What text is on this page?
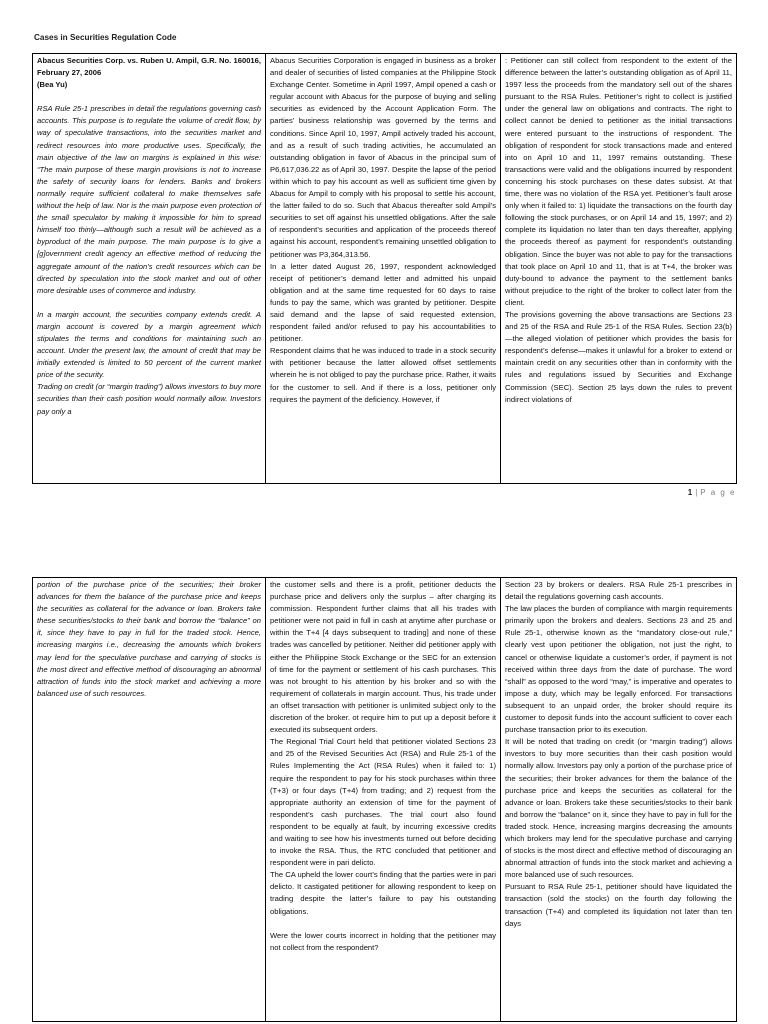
Cases in Securities Regulation Code

Abacus Securities Corp. vs. Ruben U. Ampil, G.R. No. 160016, February 27, 2006

(Bea Yu)

RSA Rule 25-1 prescribes in detail the regulations governing cash accounts. This purpose is to regulate the volume of credit flow, by way of speculative transactions, into the securities market and redirect resources into more productive uses. Specifically, the main objective of the law on margins is explained in this wise: “The main purpose of these margin provisions is not to increase the safety of security loans for lenders. Banks and brokers normally require sufficient collateral to make themselves safe without the help of law. Nor is the main purpose even protection of the small speculator by making it impossible for him to spread himself too thinly—although such a result will be achieved as a byproduct of the main purpose. The main purpose is to give a [g]overnment credit agency an effective method of reducing the aggregate amount of the nation’s credit resources which can be directed by speculation into the stock market and out of other more desirable uses of commerce and industry.

In a margin account, the securities company extends credit. A margin account is covered by a margin agreement which stipulates the terms and conditions for maintaining such an account. Under the present law, the amount of credit that may be initially extended is limited to 50 percent of the current market price of the security.

Trading on credit (or “margin trading”) allows investors to buy more securities than their cash position would normally allow. Investors pay only a

Abacus Securities Corporation is engaged in business as a broker and dealer of securities of listed companies at the Philippine Stock Exchange Center. Sometime in April 1997, Ampil opened a cash or regular account with Abacus for the purpose of buying and selling securities as evidenced by the Account Application Form. The parties’ business relationship was governed by the terms and conditions. Since April 10, 1997, Ampil actively traded his account, and as a result of such trading activities, he accumulated an outstanding obligation in favor of Abacus in the principal sum of P6,617,036.22 as of April 30, 1997. Despite the lapse of the period within which to pay his account as well as sufficient time given by Abacus for Ampil to comply with his proposal to settle his account, the latter failed to do so. Such that Abacus thereafter sold Ampil’s securities to set off against his unsettled obligations. After the sale of respondent’s securities and application of the proceeds thereof against his account, respondent’s remaining unsettled obligation to petitioner was P3,364,313.56.

In a letter dated August 26, 1997, respondent acknowledged receipt of petitioner’s demand letter and admitted his unpaid obligation and at the same time requested for 60 days to raise funds to pay the same, which was granted by petitioner. Despite said demand and the lapse of said requested extension, respondent failed and/or refused to pay his accountabilities to petitioner.

Respondent claims that he was induced to trade in a stock security with petitioner because the latter allowed offset settlements wherein he is not obliged to pay the purchase price. Rather, it waits for the customer to sell. And if there is a loss, petitioner only requires the payment of the deficiency. However, if

: Petitioner can still collect from respondent to the extent of the difference between the latter’s outstanding obligation as of April 11, 1997 less the proceeds from the mandatory sell out of the shares pursuant to the RSA Rules. Petitioner’s right to collect is justified under the general law on obligations and contracts. The right to collect cannot be denied to petitioner as the initial transactions were entered pursuant to the instructions of respondent. The obligation of respondent for stock transactions made and entered into on April 10 and 11, 1997 remains outstanding. These transactions were valid and the obligations incurred by respondent concerning his stock purchases on these dates subsist. At that time, there was no violation of the RSA yet. Petitioner’s fault arose only when it failed to: 1) liquidate the transactions on the fourth day following the stock purchases, or on April 14 and 15, 1997; and 2) complete its liquidation no later than ten days thereafter, applying the proceeds thereof as payment for respondent’s outstanding obligation. Since the buyer was not able to pay for the transactions that took place on April 10 and 11, that is at T+4, the broker was duty-bound to advance the payment to the settlement banks without prejudice to the right of the broker to collect later from the client.

The provisions governing the above transactions are Sections 23 and 25 of the RSA and Rule 25-1 of the RSA Rules. Section 23(b) —the alleged violation of petitioner which provides the basis for respondent’s defense—makes it unlawful for a broker to extend or maintain credit on any securities other than in conformity with the rules and regulations issued by Securities and Exchange Commission (SEC). Section 25 lays down the rules to prevent indirect violations of

1 | P a g e

portion of the purchase price of the securities; their broker advances for them the balance of the purchase price and keeps the securities as collateral for the advance or loan. Brokers take these securities/stocks to their bank and borrow the “balance” on it, since they have to pay in full for the traded stock. Hence, increasing margins i.e., decreasing the amounts which brokers may lend for the speculative purchase and carrying of stocks is the most direct and effective method of discouraging an abnormal attraction of funds into the stock market and achieving a more balanced use of such resources.

the customer sells and there is a profit, petitioner deducts the purchase price and delivers only the surplus – after charging its commission. Respondent further claims that all his trades with petitioner were not paid in full in cash at anytime after purchase or within the T+4 [4 days subsequent to trading] and none of these trades was cancelled by petitioner. Neither did petitioner apply with either the Philippine Stock Exchange or the SEC for an extension of time for the payment or settlement of his cash purchases. This was not brought to his attention by his broker and so with the requirement of collaterals in margin account. Thus, his trade under an offset transaction with petitioner is unlimited subject only to the discretion of the broker. ot require him to put up a deposit before it executed its subsequent orders.

The Regional Trial Court held that petitioner violated Sections 23 and 25 of the Revised Securities Act (RSA) and Rule 25-1 of the Rules Implementing the Act (RSA Rules) when it failed to: 1) require the respondent to pay for his stock purchases within three (T+3) or four days (T+4) from trading; and 2) request from the appropriate authority an extension of time for the payment of respondent’s cash purchases. The trial court also found respondent to be equally at fault, by incurring excessive credits and waiting to see how his investments turned out before deciding to invoke the RSA. Thus, the RTC concluded that petitioner and respondent were in pari delicto.

The CA upheld the lower court’s finding that the parties were in pari delicto. It castigated petitioner for allowing respondent to keep on trading despite the latter’s failure to pay his outstanding obligations.

Were the lower courts incorrect in holding that the petitioner may not collect from the respondent?

Section 23 by brokers or dealers. RSA Rule 25-1 prescribes in detail the regulations governing cash accounts.

The law places the burden of compliance with margin requirements primarily upon the brokers and dealers. Sections 23 and 25 and Rule 25-1, otherwise known as the “mandatory close-out rule,” clearly vest upon petitioner the obligation, not just the right, to cancel or otherwise liquidate a customer’s order, if payment is not received within three days from the date of purchase. The word “shall” as opposed to the word “may,” is imperative and operates to impose a duty, which may be legally enforced. For transactions subsequent to an unpaid order, the broker should require its customer to deposit funds into the account sufficient to cover each purchase transaction prior to its execution.

It will be noted that trading on credit (or “margin trading”) allows investors to buy more securities than their cash position would normally allow. Investors pay only a portion of the purchase price of the securities; their broker advances for them the balance of the purchase price and keeps the securities as collateral for the advance or loan. Brokers take these securities/stocks to their bank and borrow the “balance” on it, since they have to pay in full for the traded stock. Hence, increasing margins decreasing the amounts which brokers may lend for the speculative purchase and carrying of stocks is the most direct and effective method of discouraging an abnormal attraction of funds into the stock market and achieving a more balanced use of such resources.

Pursuant to RSA Rule 25-1, petitioner should have liquidated the transaction (sold the stocks) on the fourth day following the transaction (T+4) and completed its liquidation not later than ten days
